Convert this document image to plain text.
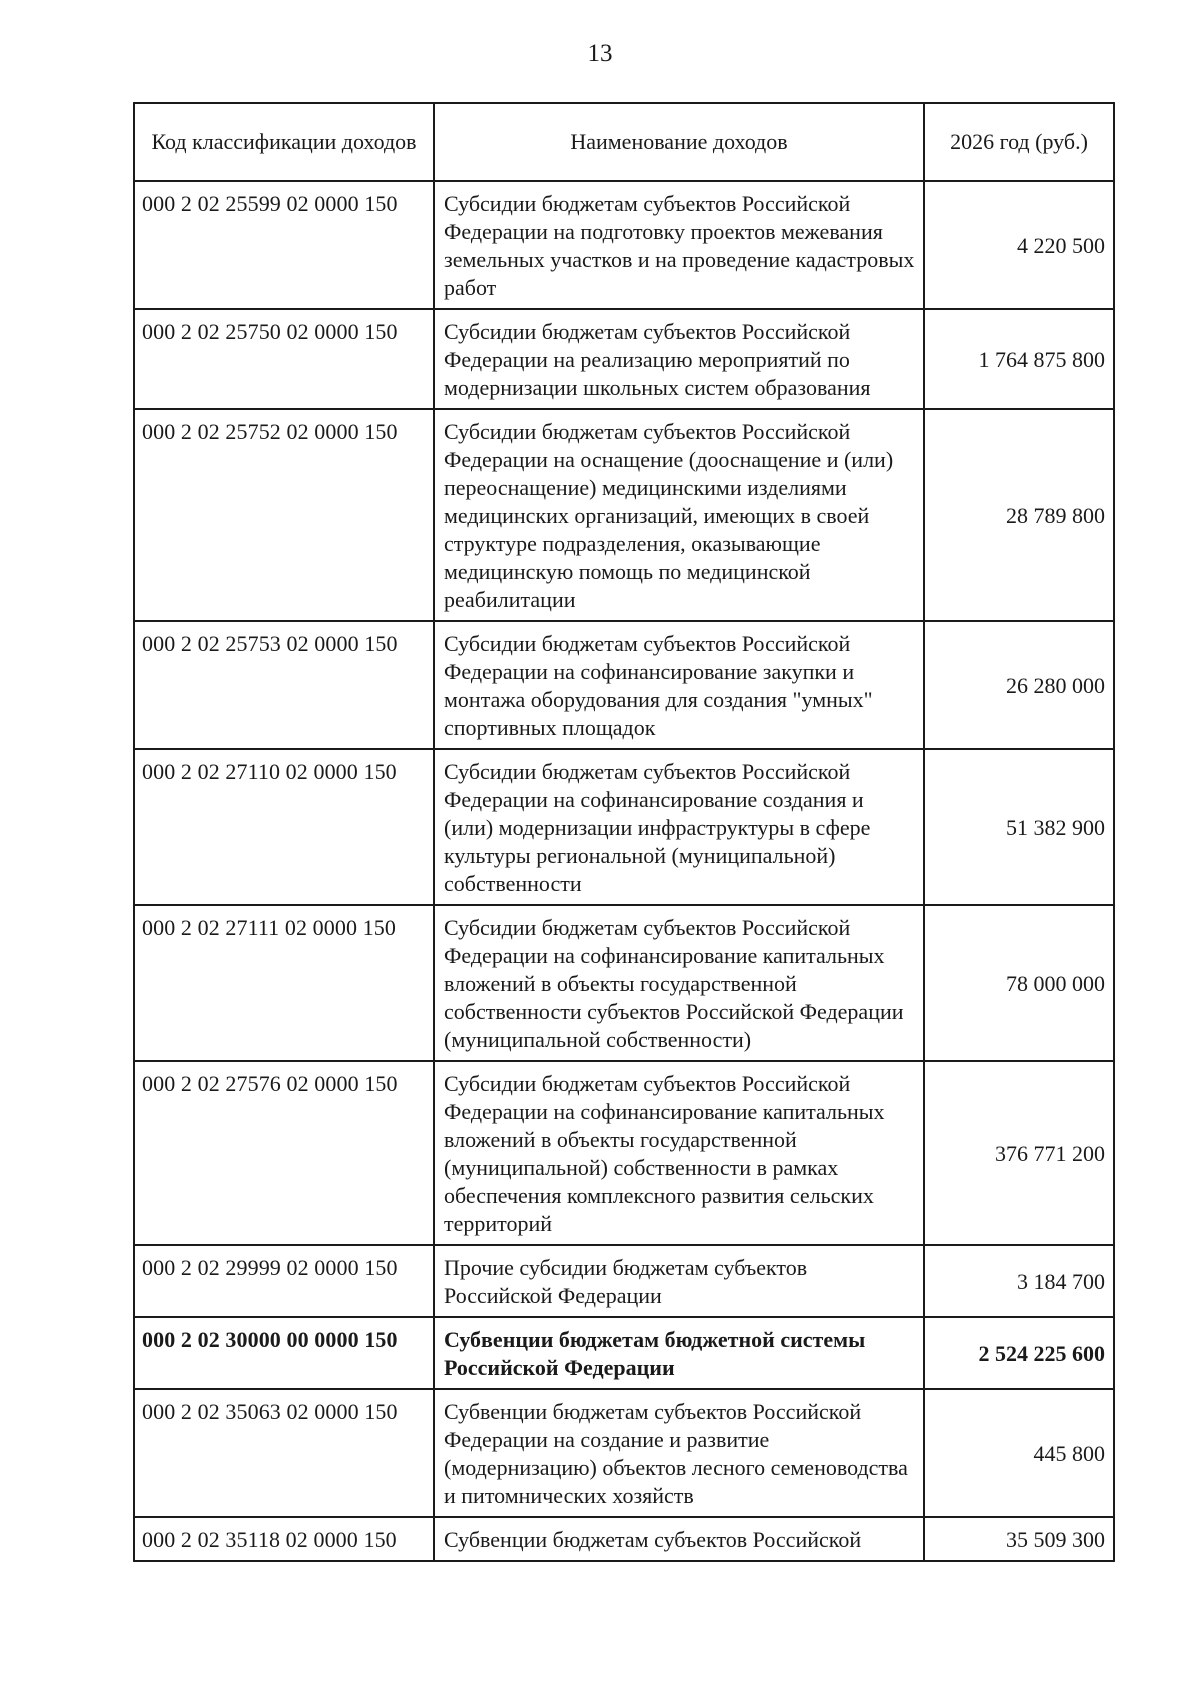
13
Код классификации доходов	Наименование доходов	2026 год (руб.)
000 2 02 25599 02 0000 150	Субсидии бюджетам субъектов Российской Федерации на подготовку проектов межевания земельных участков и на проведение кадастровых работ	4 220 500
000 2 02 25750 02 0000 150	Субсидии бюджетам субъектов Российской Федерации на реализацию мероприятий по модернизации школьных систем образования	1 764 875 800
000 2 02 25752 02 0000 150	Субсидии бюджетам субъектов Российской Федерации на оснащение (дооснащение и (или) переоснащение) медицинскими изделиями медицинских организаций, имеющих в своей структуре подразделения, оказывающие медицинскую помощь по медицинской реабилитации	28 789 800
000 2 02 25753 02 0000 150	Субсидии бюджетам субъектов Российской Федерации на софинансирование закупки и монтажа оборудования для создания "умных" спортивных площадок	26 280 000
000 2 02 27110 02 0000 150	Субсидии бюджетам субъектов Российской Федерации на софинансирование создания и (или) модернизации инфраструктуры в сфере культуры региональной (муниципальной) собственности	51 382 900
000 2 02 27111 02 0000 150	Субсидии бюджетам субъектов Российской Федерации на софинансирование капитальных вложений в объекты государственной собственности субъектов Российской Федерации (муниципальной собственности)	78 000 000
000 2 02 27576 02 0000 150	Субсидии бюджетам субъектов Российской Федерации на софинансирование капитальных вложений в объекты государственной (муниципальной) собственности в рамках обеспечения комплексного развития сельских территорий	376 771 200
000 2 02 29999 02 0000 150	Прочие субсидии бюджетам субъектов Российской Федерации	3 184 700
000 2 02 30000 00 0000 150	Субвенции бюджетам бюджетной системы Российской Федерации	2 524 225 600
000 2 02 35063 02 0000 150	Субвенции бюджетам субъектов Российской Федерации на создание и развитие (модернизацию) объектов лесного семеноводства и питомнических хозяйств	445 800
000 2 02 35118 02 0000 150	Субвенции бюджетам субъектов Российской	35 509 300
